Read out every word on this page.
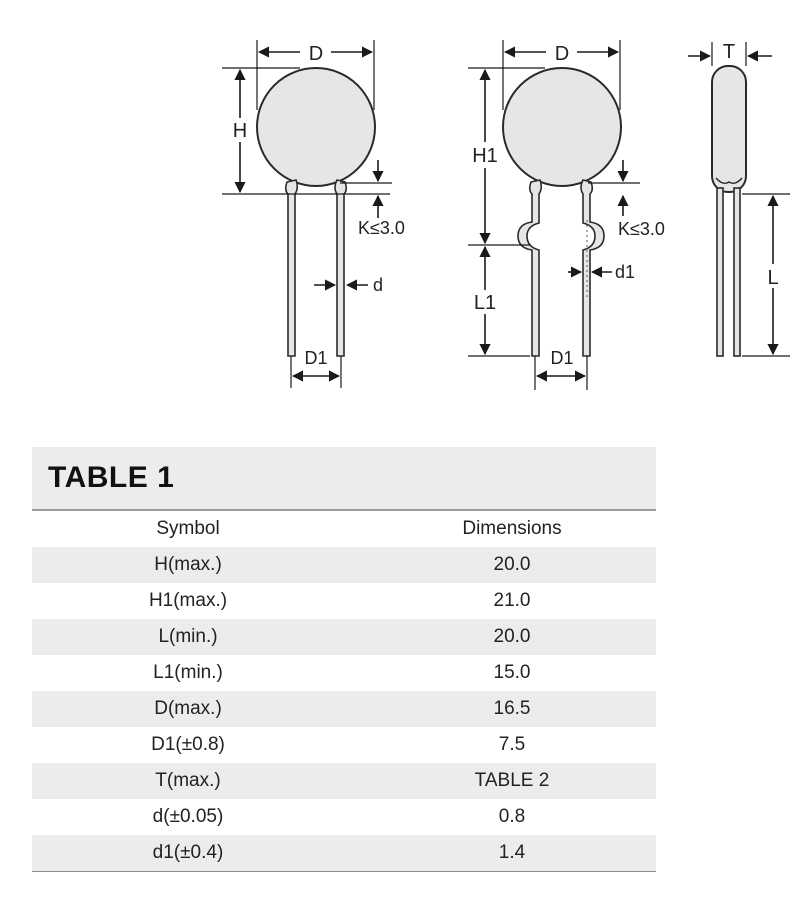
D
H
K≤3.0
d
D1
D
H1
L1
K≤3.0
d1
D1
T
L
TABLE 1
Symbol	Dimensions
H(max.)	20.0
H1(max.)	21.0
L(min.)	20.0
L1(min.)	15.0
D(max.)	16.5
D1(±0.8)	7.5
T(max.)	TABLE 2
d(±0.05)	0.8
d1(±0.4)	1.4
